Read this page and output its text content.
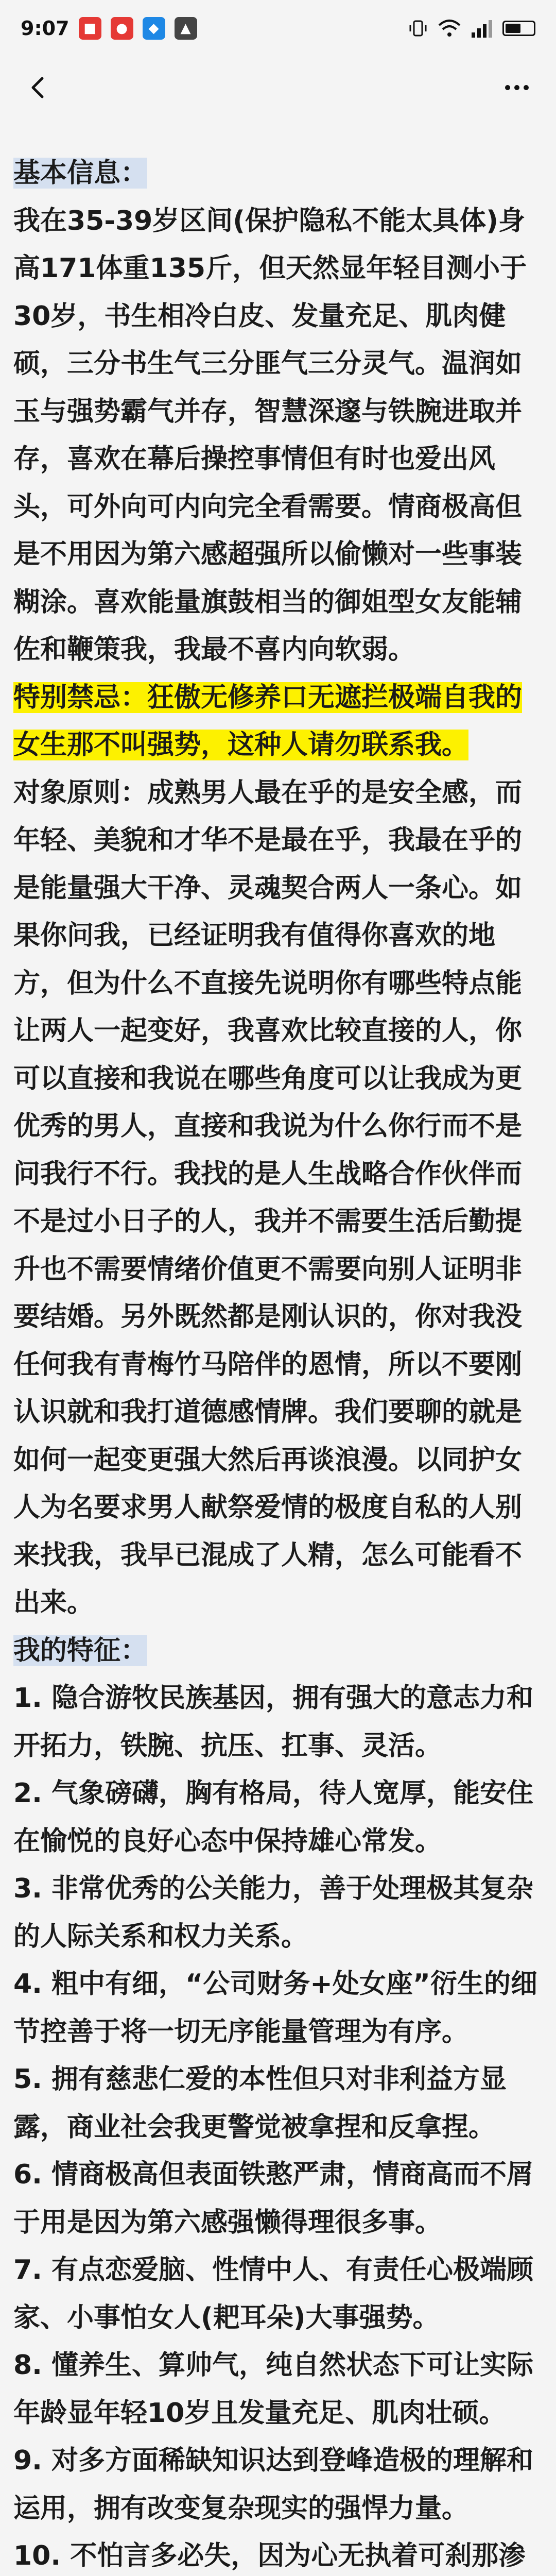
9:07	■	●	◆	▲

基本信息：
我在35-39岁区间(保护隐私不能太具体)身高171体重135斤，但天然显年轻目测小于30岁，书生相冷白皮、发量充足、肌肉健硕，三分书生气三分匪气三分灵气。温润如玉与强势霸气并存，智慧深邃与铁腕进取并存，喜欢在幕后操控事情但有时也爱出风头，可外向可内向完全看需要。情商极高但是不用因为第六感超强所以偷懒对一些事装糊涂。喜欢能量旗鼓相当的御姐型女友能辅佐和鞭策我，我最不喜内向软弱。

特别禁忌：狂傲无修养口无遮拦极端自我的女生那不叫强势，这种人请勿联系我。

对象原则：成熟男人最在乎的是安全感，而年轻、美貌和才华不是最在乎，我最在乎的是能量强大干净、灵魂契合两人一条心。如果你问我，已经证明我有值得你喜欢的地方，但为什么不直接先说明你有哪些特点能让两人一起变好，我喜欢比较直接的人，你可以直接和我说在哪些角度可以让我成为更优秀的男人，直接和我说为什么你行而不是问我行不行。我找的是人生战略合作伙伴而不是过小日子的人，我并不需要生活后勤提升也不需要情绪价值更不需要向别人证明非要结婚。另外既然都是刚认识的，你对我没任何我有青梅竹马陪伴的恩情，所以不要刚认识就和我打道德感情牌。我们要聊的就是如何一起变更强大然后再谈浪漫。以同护女人为名要求男人献祭爱情的极度自私的人别来找我，我早已混成了人精，怎么可能看不出来。

我的特征：
1. 隐合游牧民族基因，拥有强大的意志力和开拓力，铁腕、抗压、扛事、灵活。
2. 气象磅礴，胸有格局，待人宽厚，能安住在愉悦的良好心态中保持雄心常发。
3. 非常优秀的公关能力，善于处理极其复杂的人际关系和权力关系。
4. 粗中有细，“公司财务+处女座”衍生的细节控善于将一切无序能量管理为有序。
5. 拥有慈悲仁爱的本性但只对非利益方显露，商业社会我更警觉被拿捏和反拿捏。
6. 情商极高但表面铁憨严肃，情商高而不屑于用是因为第六感强懒得理很多事。
7. 有点恋爱脑、性情中人、有责任心极端顾家、小事怕女人(耙耳朵)大事强势。
8. 懂养生、算帅气，纯自然状态下可让实际年龄显年轻10岁且发量充足、肌肉壮硕。
9. 对多方面稀缺知识达到登峰造极的理解和运用，拥有改变复杂现实的强悍力量。
10. 不怕言多必失，因为心无执着可刹那渗
